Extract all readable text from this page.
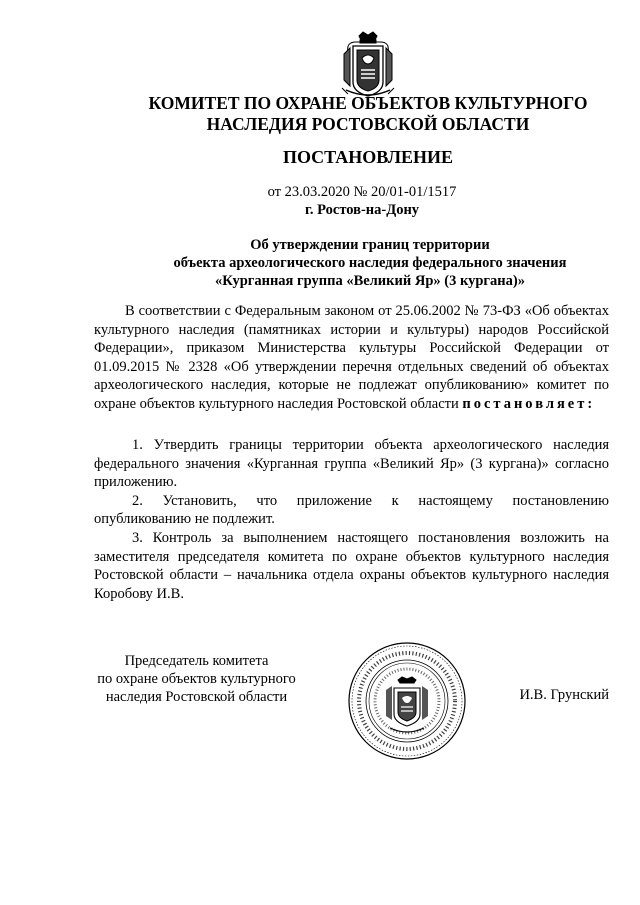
КОМИТЕТ ПО ОХРАНЕ ОБЪЕКТОВ КУЛЬТУРНОГО
НАСЛЕДИЯ РОСТОВСКОЙ ОБЛАСТИ
ПОСТАНОВЛЕНИЕ
от 23.03.2020 № 20/01-01/1517
г. Ростов-на-Дону
Об утверждении границ территории
объекта археологического наследия федерального значения
«Курганная группа «Великий Яр» (3 кургана)»

В соответствии с Федеральным законом от 25.06.2002 № 73-ФЗ «Об объектах культурного наследия (памятниках истории и культуры) народов Российской Федерации», приказом Министерства культуры Российской Федерации от 01.09.2015 № 2328 «Об утверждении перечня отдельных сведений об объектах археологического наследия, которые не подлежат опубликованию» комитет по охране объектов культурного наследия Ростовской области постановляет:

1. Утвердить границы территории объекта археологического наследия федерального значения «Курганная группа «Великий Яр» (3 кургана)» согласно приложению.

2. Установить, что приложение к настоящему постановлению опубликованию не подлежит.

3. Контроль за выполнением настоящего постановления возложить на заместителя председателя комитета по охране объектов культурного наследия Ростовской области – начальника отдела охраны объектов культурного наследия Коробову И.В.

Председатель комитета
по охране объектов культурного
наследия Ростовской области	И.В. Грунский
